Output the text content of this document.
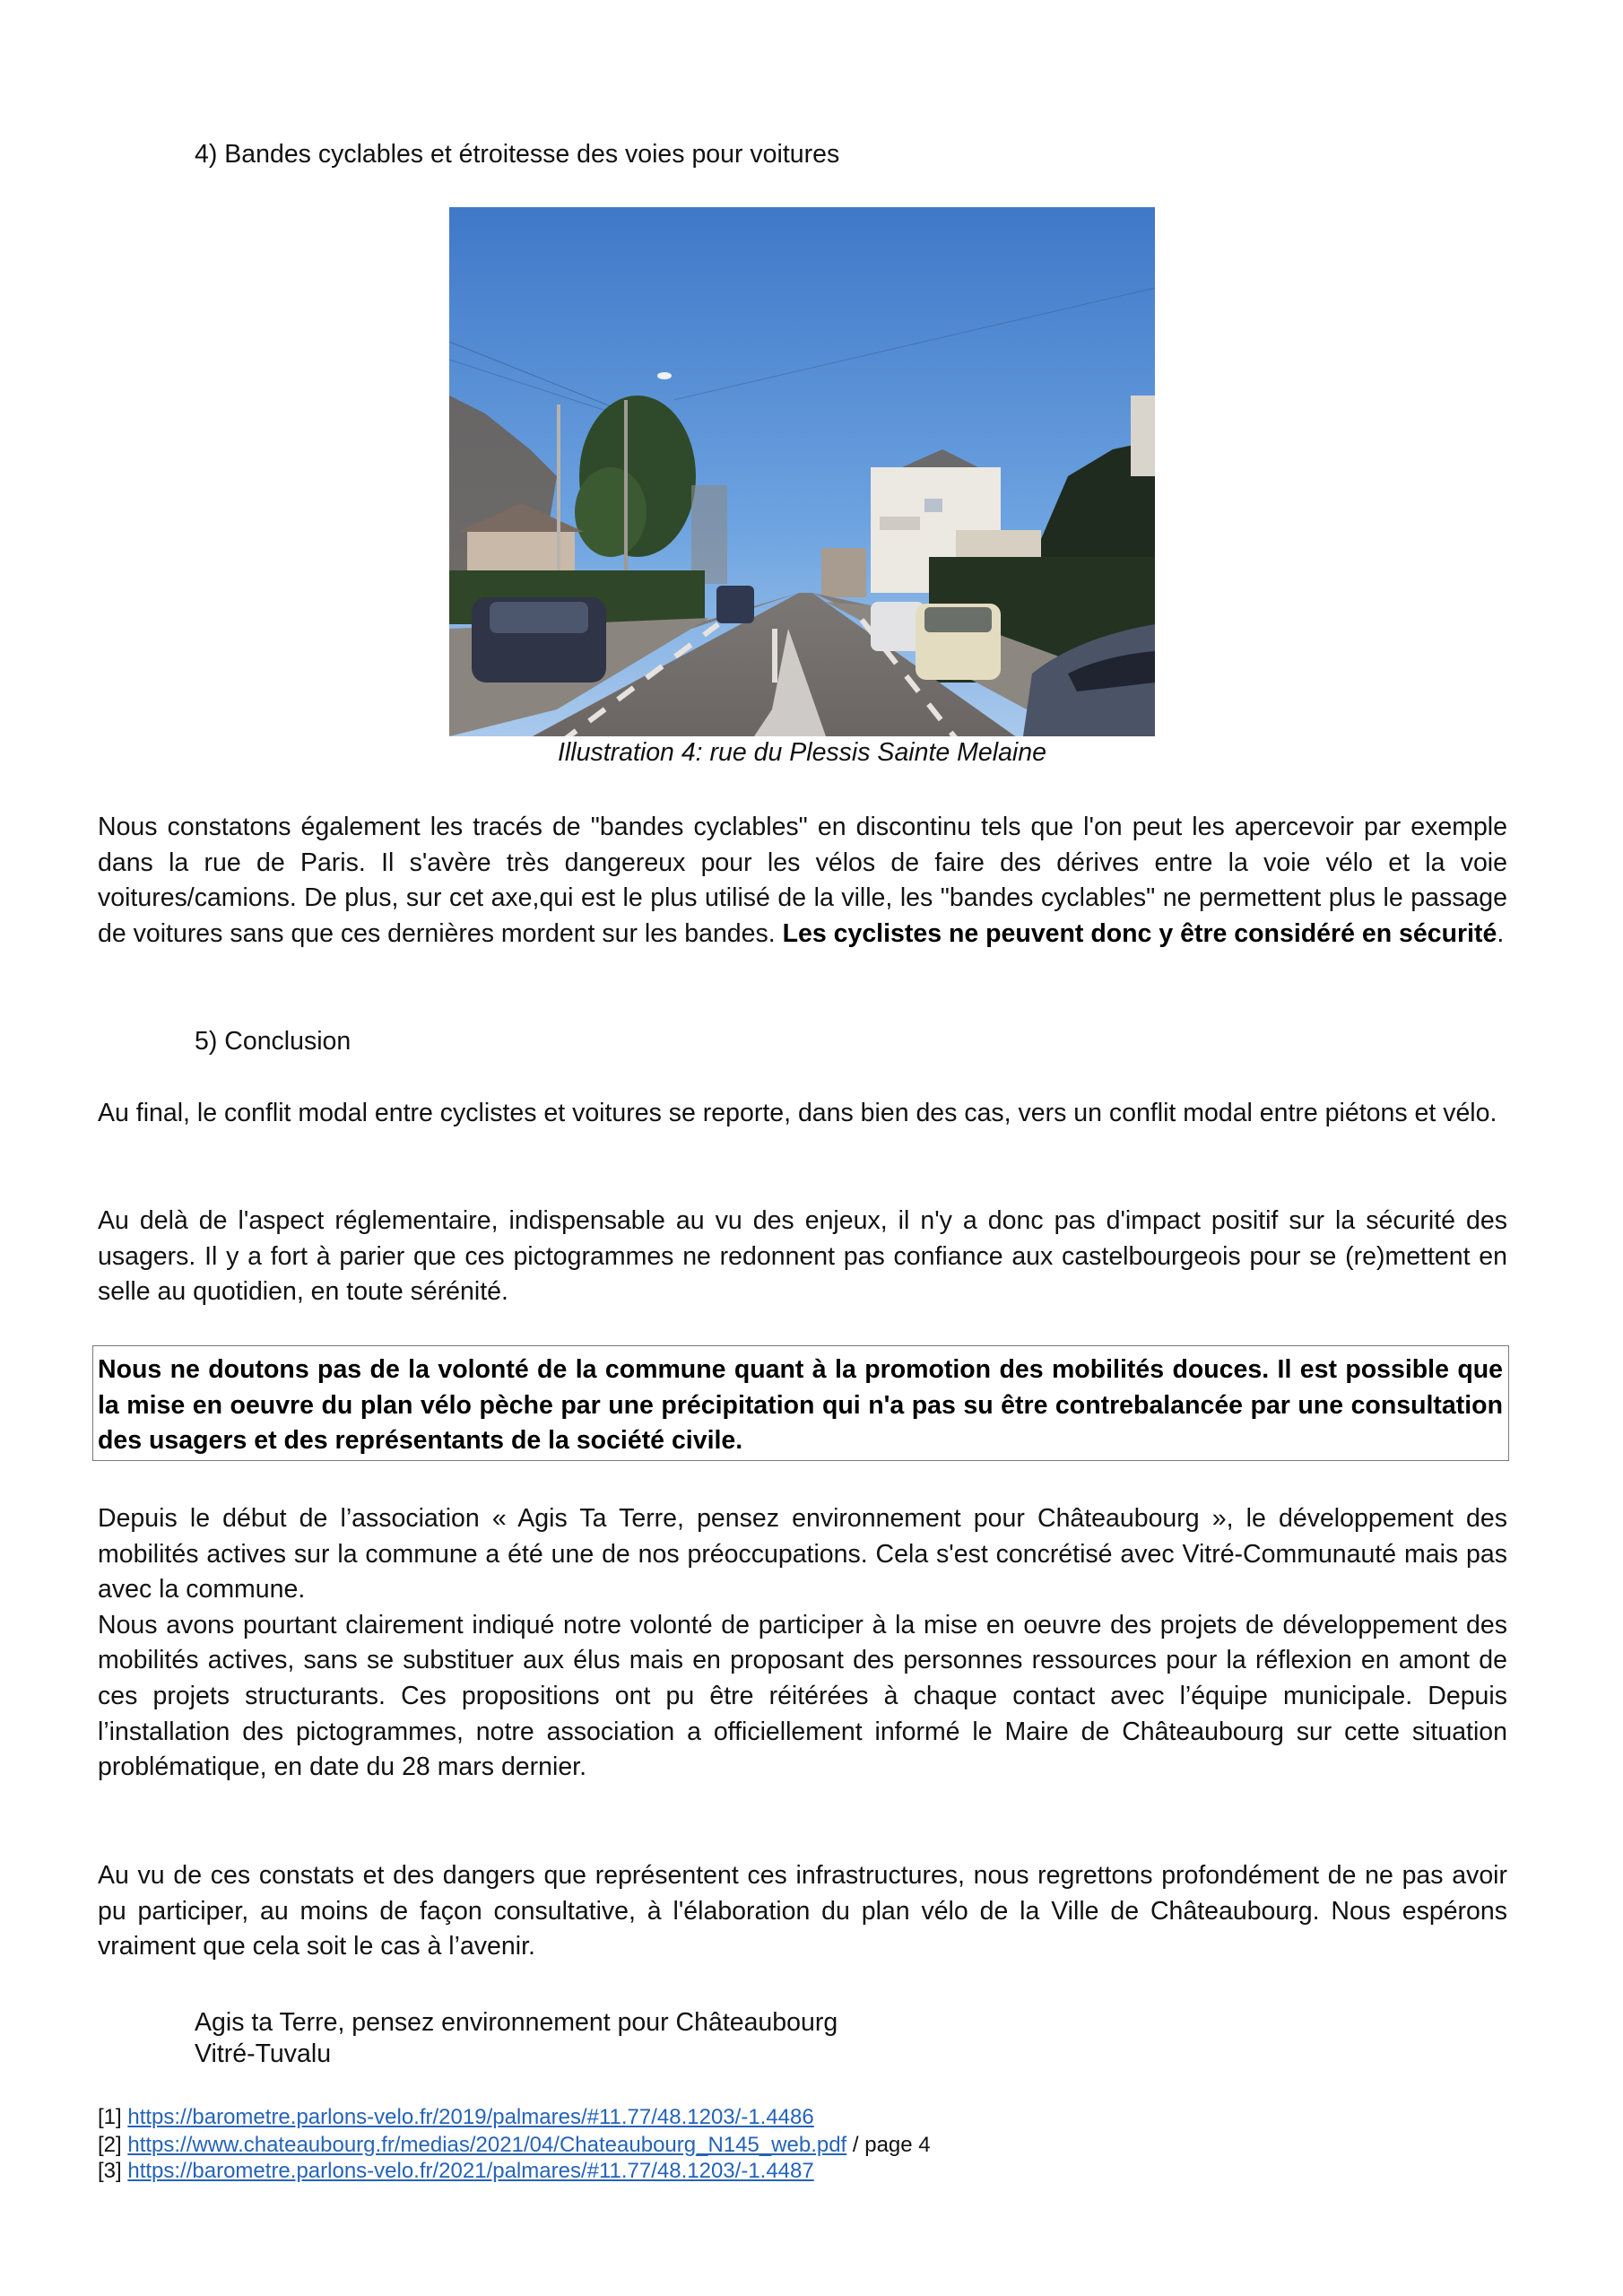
4) Bandes cyclables et étroitesse des voies pour voitures
Illustration 4: rue du Plessis Sainte Melaine

Nous constatons également les tracés de "bandes cyclables" en discontinu tels que l'on peut les apercevoir par exemple dans la rue de Paris. Il s'avère très dangereux pour les vélos de faire des dérives entre la voie vélo et la voie voitures/camions. De plus, sur cet axe,qui est le plus utilisé de la ville, les "bandes cyclables" ne permettent plus le passage de voitures sans que ces dernières mordent sur les bandes. Les cyclistes ne peuvent donc y être considéré en sécurité.

5) Conclusion

Au final, le conflit modal entre cyclistes et voitures se reporte, dans bien des cas, vers un conflit modal entre piétons et vélo.

Au delà de l'aspect réglementaire, indispensable au vu des enjeux, il n'y a donc pas d'impact positif sur la sécurité des usagers. Il y a fort à parier que ces pictogrammes ne redonnent pas confiance aux castelbourgeois pour se (re)mettent en selle au quotidien, en toute sérénité.

Nous ne doutons pas de la volonté de la commune quant à la promotion des mobilités douces. Il est possible que la mise en oeuvre du plan vélo pèche par une précipitation qui n'a pas su être contrebalancée par une consultation des usagers et des représentants de la société civile.

Depuis le début de l’association « Agis Ta Terre, pensez environnement pour Châteaubourg », le développement des mobilités actives sur la commune a été une de nos préoccupations. Cela s'est concrétisé avec Vitré-Communauté mais pas avec la commune.

Nous avons pourtant clairement indiqué notre volonté de participer à la mise en oeuvre des projets de développement des mobilités actives, sans se substituer aux élus mais en proposant des personnes ressources pour la réflexion en amont de ces projets structurants. Ces propositions ont pu être réitérées à chaque contact avec l’équipe municipale. Depuis l’installation des pictogrammes, notre association a officiellement informé le Maire de Châteaubourg sur cette situation problématique, en date du 28 mars dernier.

Au vu de ces constats et des dangers que représentent ces infrastructures, nous regrettons profondément de ne pas avoir pu participer, au moins de façon consultative, à l'élaboration du plan vélo de la Ville de Châteaubourg. Nous espérons vraiment que cela soit le cas à l’avenir.

Agis ta Terre, pensez environnement pour Châteaubourg
Vitré-Tuvalu
[1] https://barometre.parlons-velo.fr/2019/palmares/#11.77/48.1203/-1.4486
[2] https://www.chateaubourg.fr/medias/2021/04/Chateaubourg_N145_web.pdf / page 4
[3] https://barometre.parlons-velo.fr/2021/palmares/#11.77/48.1203/-1.4487
